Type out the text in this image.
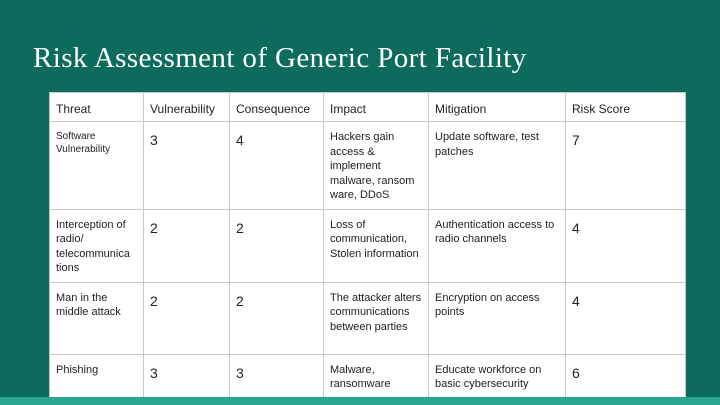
Risk Assessment of Generic Port Facility
Threat	Vulnerability	Consequence	Impact	Mitigation	Risk Score

Software Vulnerability	3	4	Hackers gain access & implement malware, ransom ware, DDoS	Update software, test patches	7

Interception of radio/ telecommunica tions	2	2	Loss of communication, Stolen information	Authentication access to radio channels	4

Man in the middle attack	2	2	The attacker alters communications between parties	Encryption on access points	4

Phishing	3	3	Malware, ransomware	Educate workforce on basic cybersecurity	6
